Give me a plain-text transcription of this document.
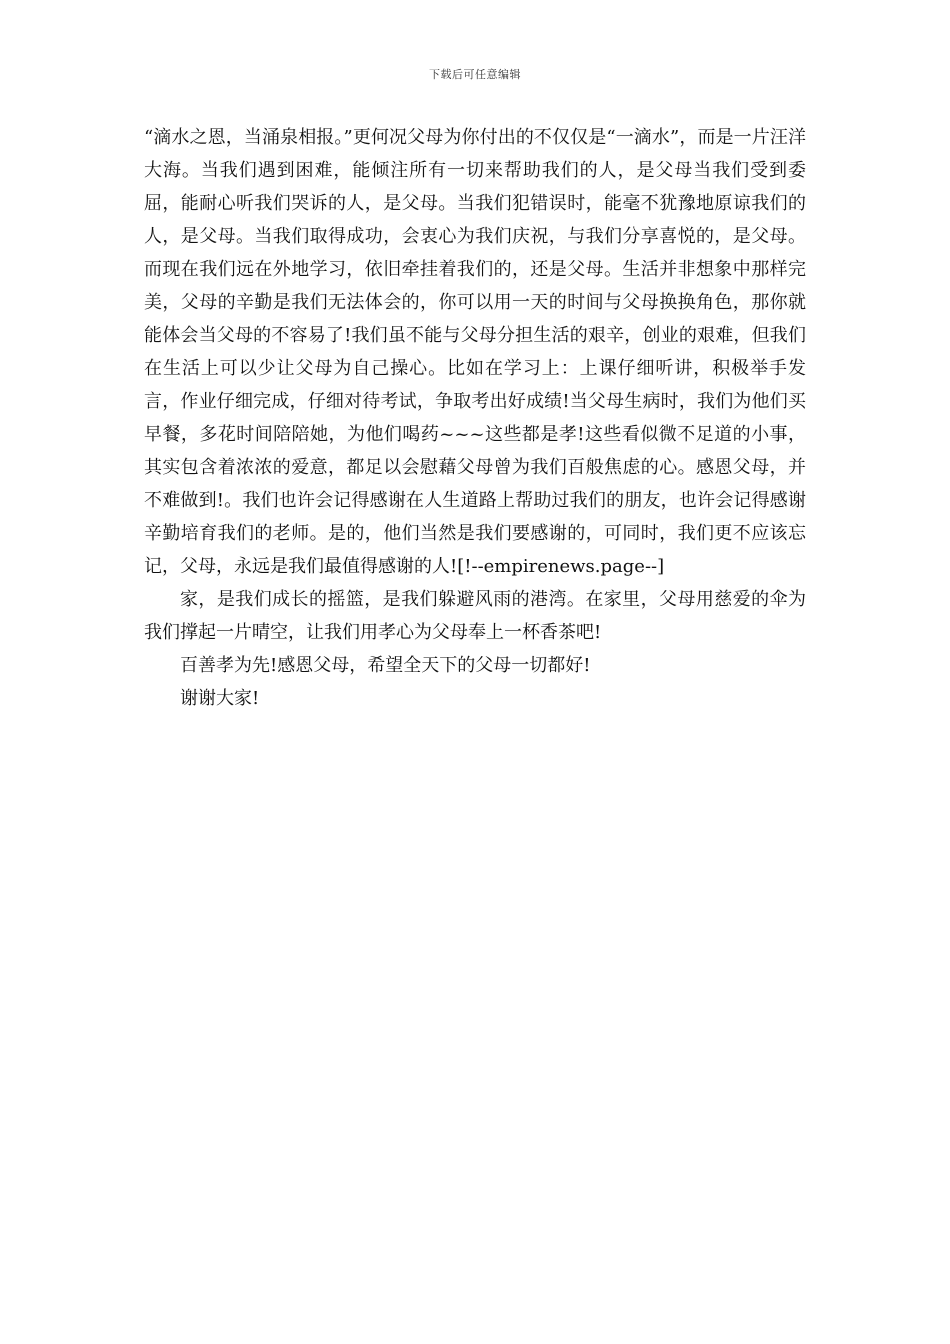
下载后可任意编辑

“滴水之恩，当涌泉相报。”更何况父母为你付出的不仅仅是“一滴水”，而是一片汪洋大海。当我们遇到困难，能倾注所有一切来帮助我们的人，是父母当我们受到委屈，能耐心听我们哭诉的人，是父母。当我们犯错误时，能毫不犹豫地原谅我们的人，是父母。当我们取得成功，会衷心为我们庆祝，与我们分享喜悦的，是父母。而现在我们远在外地学习，依旧牵挂着我们的，还是父母。生活并非想象中那样完美，父母的辛勤是我们无法体会的，你可以用一天的时间与父母换换角色，那你就能体会当父母的不容易了!我们虽不能与父母分担生活的艰辛，创业的艰难，但我们在生活上可以少让父母为自己操心。比如在学习上：上课仔细听讲，积极举手发言，作业仔细完成，仔细对待考试，争取考出好成绩!当父母生病时，我们为他们买早餐，多花时间陪陪她，为他们喝药~~~这些都是孝!这些看似微不足道的小事，其实包含着浓浓的爱意，都足以会慰藉父母曾为我们百般焦虑的心。感恩父母，并不难做到!。我们也许会记得感谢在人生道路上帮助过我们的朋友，也许会记得感谢辛勤培育我们的老师。是的，他们当然是我们要感谢的，可同时，我们更不应该忘记，父母，永远是我们最值得感谢的人![!--empirenews.page--]

家，是我们成长的摇篮，是我们躲避风雨的港湾。在家里，父母用慈爱的伞为我们撑起一片晴空，让我们用孝心为父母奉上一杯香茶吧!

百善孝为先!感恩父母，希望全天下的父母一切都好!

谢谢大家!
